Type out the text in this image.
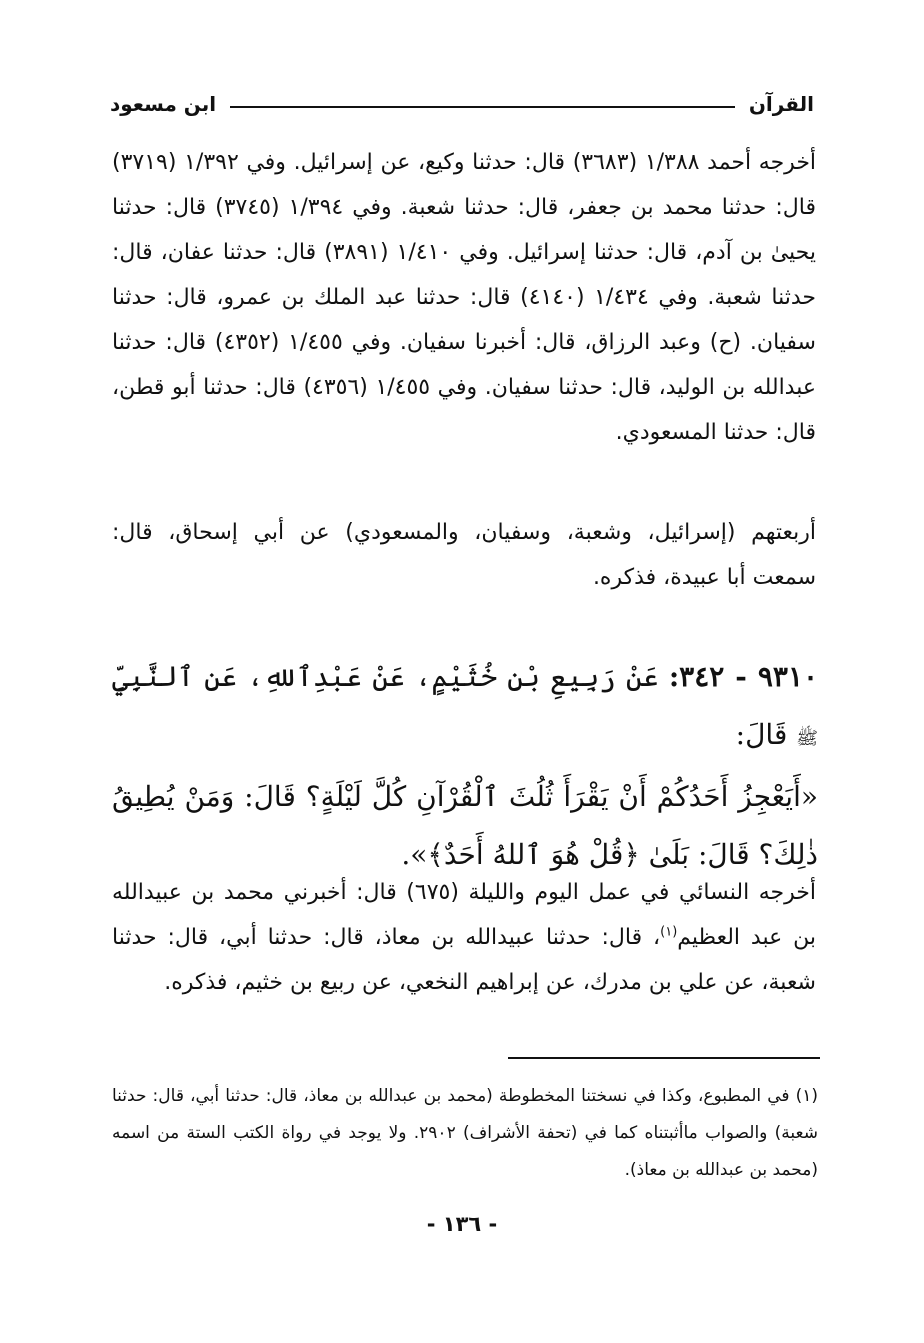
القرآن
ابن مسعود
أخرجه أحمد ١/٣٨٨ (٣٦٨٣) قال: حدثنا وكيع، عن إسرائيل. وفي ١/٣٩٢ (٣٧١٩) قال: حدثنا محمد بن جعفر، قال: حدثنا شعبة. وفي ١/٣٩٤ (٣٧٤٥) قال: حدثنا يحيىٰ بن آدم، قال: حدثنا إسرائيل. وفي ١/٤١٠ (٣٨٩١) قال: حدثنا عفان، قال: حدثنا شعبة. وفي ١/٤٣٤ (٤١٤٠) قال: حدثنا عبد الملك بن عمرو، قال: حدثنا سفيان. (ح) وعبد الرزاق، قال: أخبرنا سفيان. وفي ١/٤٥٥ (٤٣٥٢) قال: حدثنا عبدالله بن الوليد، قال: حدثنا سفيان. وفي ١/٤٥٥ (٤٣٥٦) قال: حدثنا أبو قطن، قال: حدثنا المسعودي.
أربعتهم (إسرائيل، وشعبة، وسفيان، والمسعودي) عن أبي إسحاق، قال: سمعت أبا عبيدة، فذكره.
٩٣١٠ - ٣٤٢: عَنْ رَبِيعِ بْنِ خُثَيْمٍ، عَنْ عَبْدِٱللهِ، عَنِ ٱلنَّبِيِّ ﷺ قَالَ:
«أَيَعْجِزُ أَحَدُكُمْ أَنْ يَقْرَأَ ثُلُثَ ٱلْقُرْآنِ كُلَّ لَيْلَةٍ؟ قَالَ: وَمَنْ يُطِيقُ ذٰلِكَ؟ قَالَ: بَلَىٰ ﴿قُلْ هُوَ ٱللهُ أَحَدٌ﴾».
أخرجه النسائي في عمل اليوم والليلة (٦٧٥) قال: أخبرني محمد بن عبيدالله بن عبد العظيم$^{(١)}$، قال: حدثنا عبيدالله بن معاذ، قال: حدثنا أبي، قال: حدثنا شعبة، عن علي بن مدرك، عن إبراهيم النخعي، عن ربيع بن خثيم، فذكره.
(١) في المطبوع، وكذا في نسختنا المخطوطة (محمد بن عبدالله بن معاذ، قال: حدثنا أبي، قال: حدثنا شعبة) والصواب ماأثبتناه كما في (تحفة الأشراف) ٢٩٠٢. ولا يوجد في رواة الكتب الستة من اسمه (محمد بن عبدالله بن معاذ).
- ١٣٦ -
